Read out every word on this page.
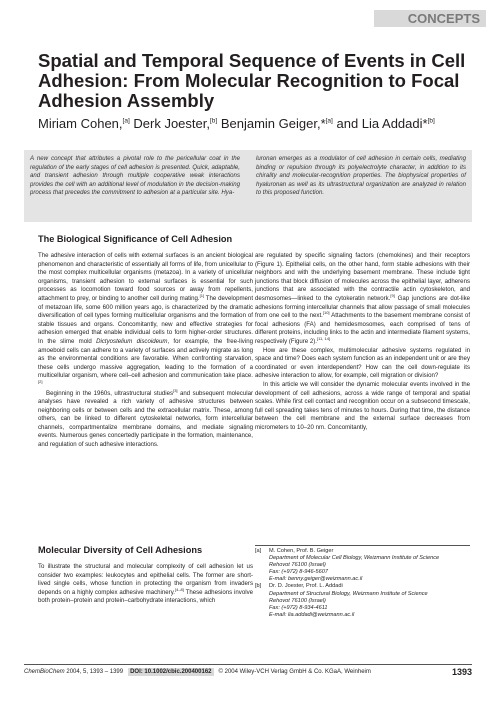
CONCEPTS
Spatial and Temporal Sequence of Events in Cell Adhesion: From Molecular Recognition to Focal Adhesion Assembly
Miriam Cohen,[a] Derk Joester,[b] Benjamin Geiger,*[a] and Lia Addadi*[b]
A new concept that attributes a pivotal role to the pericellular coat in the regulation of the early stages of cell adhesion is presented. Quick, adaptable, and transient adhesion through multiple cooperative weak interactions provides the cell with an additional level of modulation in the decision-making process that precedes the commitment to adhesion at a particular site. Hya-
luronan emerges as a modulator of cell adhesion in certain cells, mediating binding or repulsion through its polyelectrolyte character, in addition to its chirality and molecular-recognition properties. The biophysical properties of hyaluronan as well as its ultrastructural organization are analyzed in relation to this proposed function.
The Biological Significance of Cell Adhesion

The adhesive interaction of cells with external surfaces is an ancient biological phenomenon and characteristic of essentially all forms of life, from unicellular to the most complex multicellular organisms (metazoa). In a variety of unicellular organisms, transient adhesion to external surfaces is essential for such processes as locomotion toward food sources or away from repellents, attachment to prey, or binding to another cell during mating.[1] The development of metazoan life, some 600 million years ago, is characterized by the dramatic diversification of cell types forming multicellular organisms and the formation of stable tissues and organs. Concomitantly, new and effective strategies for adhesion emerged that enable individual cells to form higher-order structures. In the slime mold Dictyostelium discoideum, for example, the free-living amoeboid cells can adhere to a variety of surfaces and actively migrate as long as the environmental conditions are favorable. When confronting starvation, these cells undergo massive aggregation, leading to the formation of a multicellular organism, where cell–cell adhesion and communication take place.[2]

Beginning in the 1960s, ultrastructural studies[3] and subsequent molecular analyses have revealed a rich variety of adhesive structures between neighboring cells or between cells and the extracellular matrix. These, among others, can be linked to different cytoskeletal networks, form intercellular channels, compartmentalize membrane domains, and mediate signaling events. Numerous genes concertedly participate in the formation, maintenance, and regulation of such adhesive interactions.

Molecular Diversity of Cell Adhesions

To illustrate the structural and molecular complexity of cell adhesion let us consider two examples: leukocytes and epithelial cells. The former are short-lived single cells, whose function in protecting the organism from invaders depends on a highly complex adhesive machinery.[4–8] These adhesions involve both protein–protein and protein–carbohydrate interactions, which

are regulated by specific signaling factors (chemokines) and their receptors (Figure 1). Epithelial cells, on the other hand, form stable adhesions with their neighbors and with the underlying basement membrane. These include tight junctions that block diffusion of molecules across the epithelial layer, adherens junctions that are associated with the contractile actin cytoskeleton, and desmosomes—linked to the cytokeratin network.[9] Gap junctions are dot-like adhesions forming intercellular channels that allow passage of small molecules from one cell to the next.[10] Attachments to the basement membrane consist of focal adhesions (FA) and hemidesmosomes, each comprised of tens of different proteins, including links to the actin and intermediate filament systems, respectively (Figure 2).[11, 14]

How are these complex, multimolecular adhesive systems regulated in space and time? Does each system function as an independent unit or are they coordinated or even interdependent? How can the cell down-regulate its adhesive interaction to allow, for example, cell migration or division?

In this article we will consider the dynamic molecular events involved in the development of cell adhesions, across a wide range of temporal and spatial scales. While first cell contact and recognition occur on a subsecond timescale, full cell spreading takes tens of minutes to hours. During that time, the distance between the cell membrane and the external surface decreases from micrometers to 10–20 nm. Concomitantly,

[a] M. Cohen, Prof. B. Geiger
Department of Molecular Cell Biology, Weizmann Institute of Science
Rehovot 76100 (Israel)
Fax: (+972) 8-946-5607
E-mail: benny.geiger@weizmann.ac.il
[b] Dr. D. Joester, Prof. L. Addadi
Department of Structural Biology, Weizmann Institute of Science
Rehovot 76100 (Israel)
Fax: (+972) 8-934-4611
E-mail: lia.addadi@weizmann.ac.il
ChemBioChem 2004, 5, 1393 – 1399 DOI: 10.1002/cbic.200400162 © 2004 Wiley-VCH Verlag GmbH & Co. KGaA, Weinheim	1393
